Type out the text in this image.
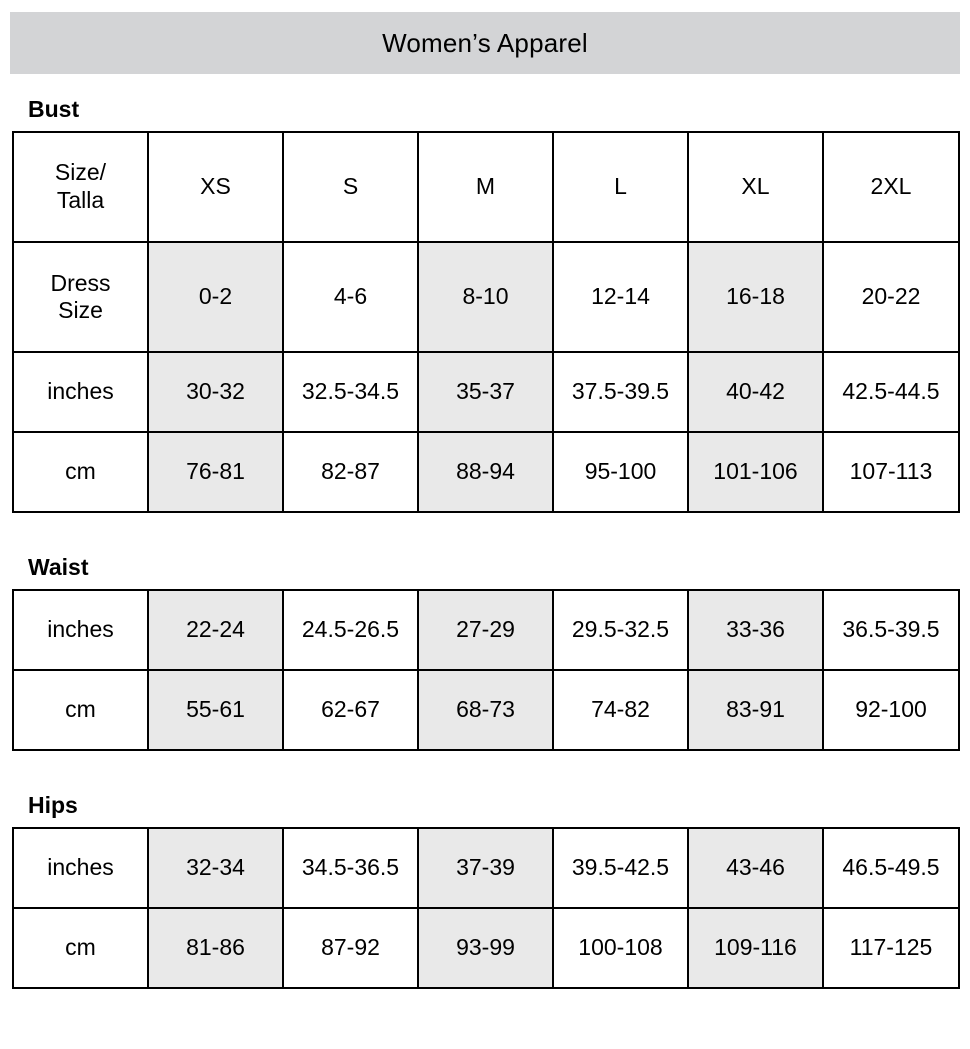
Women’s Apparel
Bust
Size/
Talla	XS	S	M	L	XL	2XL
Dress
Size	0-2	4-6	8-10	12-14	16-18	20-22
inches	30-32	32.5-34.5	35-37	37.5-39.5	40-42	42.5-44.5
cm	76-81	82-87	88-94	95-100	101-106	107-113
Waist
inches	22-24	24.5-26.5	27-29	29.5-32.5	33-36	36.5-39.5
cm	55-61	62-67	68-73	74-82	83-91	92-100
Hips
inches	32-34	34.5-36.5	37-39	39.5-42.5	43-46	46.5-49.5
cm	81-86	87-92	93-99	100-108	109-116	117-125
